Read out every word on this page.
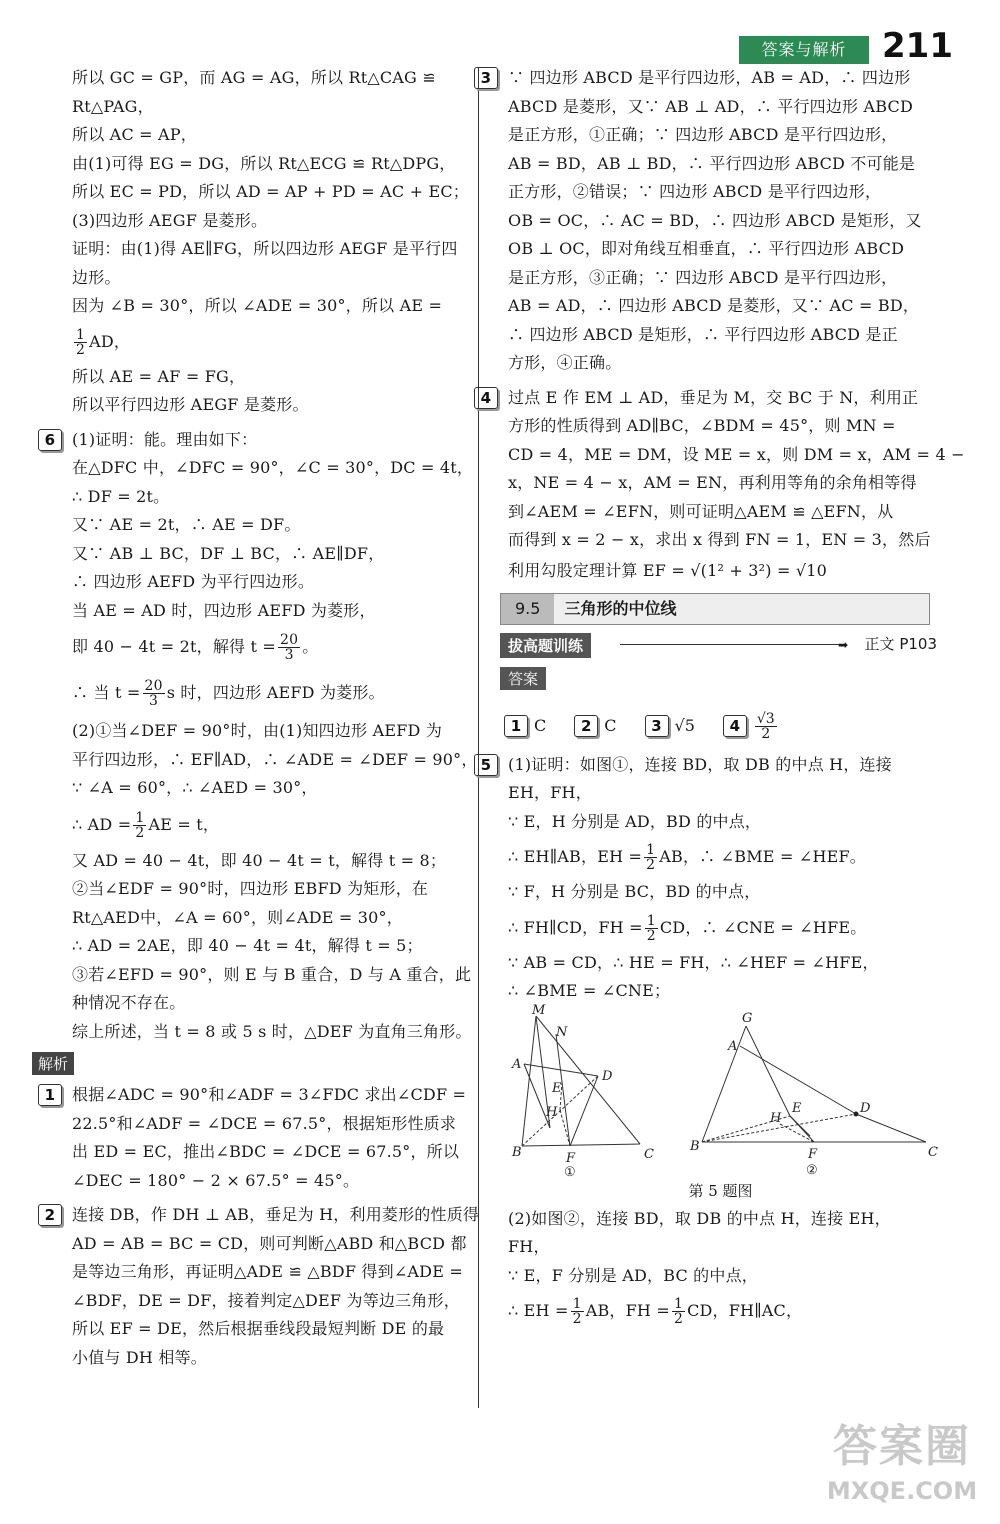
答案与解析	211
所以 GC = GP，而 AG = AG，所以 Rt△CAG ≌
Rt△PAG，
所以 AC = AP，
由(1)可得 EG = DG，所以 Rt△ECG ≌ Rt△DPG，
所以 EC = PD，所以 AD = AP + PD = AC + EC；
(3)四边形 AEGF 是菱形。
证明：由(1)得 AE∥FG，所以四边形 AEGF 是平行四
边形。
因为 ∠B = 30°，所以 ∠ADE = 30°，所以 AE =
$\frac{1}{2}$ AD，
所以 AE = AF = FG，
所以平行四边形 AEGF 是菱形。
6 (1)证明：能。理由如下：
在△DFC 中，∠DFC = 90°，∠C = 30°，DC = 4t，
∴ DF = 2t。
又∵ AE = 2t，∴ AE = DF。
又∵ AB ⊥ BC，DF ⊥ BC，∴ AE∥DF，
∴ 四边形 AEFD 为平行四边形。
当 AE = AD 时，四边形 AEFD 为菱形，
即 40 − 4t = 2t，解得 $t = \frac{20}{3}$ 。
∴ 当 $t = \frac{20}{3}$ s 时，四边形 AEFD 为菱形。
(2)①当∠DEF = 90°时，由(1)知四边形 AEFD 为
平行四边形，∴ EF∥AD，∴ ∠ADE = ∠DEF = 90°，
∵ ∠A = 60°，∴ ∠AED = 30°，
∴ AD = $\frac{1}{2}$ AE = t，
又 AD = 40 − 4t，即 40 − 4t = t，解得 t = 8；
②当∠EDF = 90°时，四边形 EBFD 为矩形，在
Rt△AED中，∠A = 60°，则∠ADE = 30°，
∴ AD = 2AE，即 40 − 4t = 4t，解得 t = 5；
③若∠EFD = 90°，则 E 与 B 重合，D 与 A 重合，此
种情况不存在。
综上所述，当 t = 8 或 5 s 时，△DEF 为直角三角形。
解析
1 根据∠ADC = 90°和∠ADF = 3∠FDC 求出∠CDF =
22.5°和∠ADF = ∠DCE = 67.5°，根据矩形性质求
出 ED = EC，推出∠BDC = ∠DCE = 67.5°，所以
∠DEC = 180° − 2 × 67.5° = 45°。
2 连接 DB，作 DH ⊥ AB，垂足为 H，利用菱形的性质得
AD = AB = BC = CD，则可判断△ABD 和△BCD 都
是等边三角形，再证明△ADE ≌ △BDF 得到∠ADE =
∠BDF，DE = DF，接着判定△DEF 为等边三角形，
所以 EF = DE，然后根据垂线段最短判断 DE 的最
小值与 DH 相等。
3 ∵ 四边形 ABCD 是平行四边形，AB = AD，∴ 四边形
ABCD 是菱形，又∵ AB ⊥ AD，∴ 平行四边形 ABCD
是正方形，①正确；∵ 四边形 ABCD 是平行四边形，
AB = BD，AB ⊥ BD，∴ 平行四边形 ABCD 不可能是
正方形，②错误；∵ 四边形 ABCD 是平行四边形，
OB = OC，∴ AC = BD，∴ 四边形 ABCD 是矩形，又
OB ⊥ OC，即对角线互相垂直，∴ 平行四边形 ABCD
是正方形，③正确；∵ 四边形 ABCD 是平行四边形，
AB = AD，∴ 四边形 ABCD 是菱形，又∵ AC = BD，
∴ 四边形 ABCD 是矩形，∴ 平行四边形 ABCD 是正
方形，④正确。
4 过点 E 作 EM ⊥ AD，垂足为 M，交 BC 于 N，利用正
方形的性质得到 AD∥BC，∠BDM = 45°，则 MN =
CD = 4，ME = DM，设 ME = x，则 DM = x，AM = 4 −
x，NE = 4 − x，AM = EN，再利用等角的余角相等得
到∠AEM = ∠EFN，则可证明△AEM ≌ △EFN，从
而得到 x = 2 − x，求出 x 得到 FN = 1，EN = 3，然后
利用勾股定理计算 EF = √(1² + 3²) = √10
9.5 三角形的中位线
拔高题训练	➡ 正文 P103
答案
1 C	2 C	3 √5	$4 \frac{√3}{2}$
5 (1)证明：如图①，连接 BD，取 DB 的中点 H，连接
EH，FH，
∵ E，H 分别是 AD，BD 的中点，
∴ EH∥AB，EH = $\frac{1}{2}$ AB，∴ ∠BME = ∠HEF。
∵ F，H 分别是 BC，BD 的中点，
∴ FH∥CD，FH = $\frac{1}{2}$ CD，∴ ∠CNE = ∠HFE。
∵ AB = CD，∴ HE = FH，∴ ∠HEF = ∠HFE，
∴ ∠BME = ∠CNE；
M
N
A
D
E
H
B	F	C
①
G
A
E
H
D
B
F	C
②
第 5 题图
(2)如图②，连接 BD，取 DB 的中点 H，连接 EH，
FH，
∵ E，F 分别是 AD，BC 的中点，
∴ EH = $\frac{1}{2}$ AB，FH = $\frac{1}{2}$ CD，FH∥AC，
答案圈
MXQE.COM
